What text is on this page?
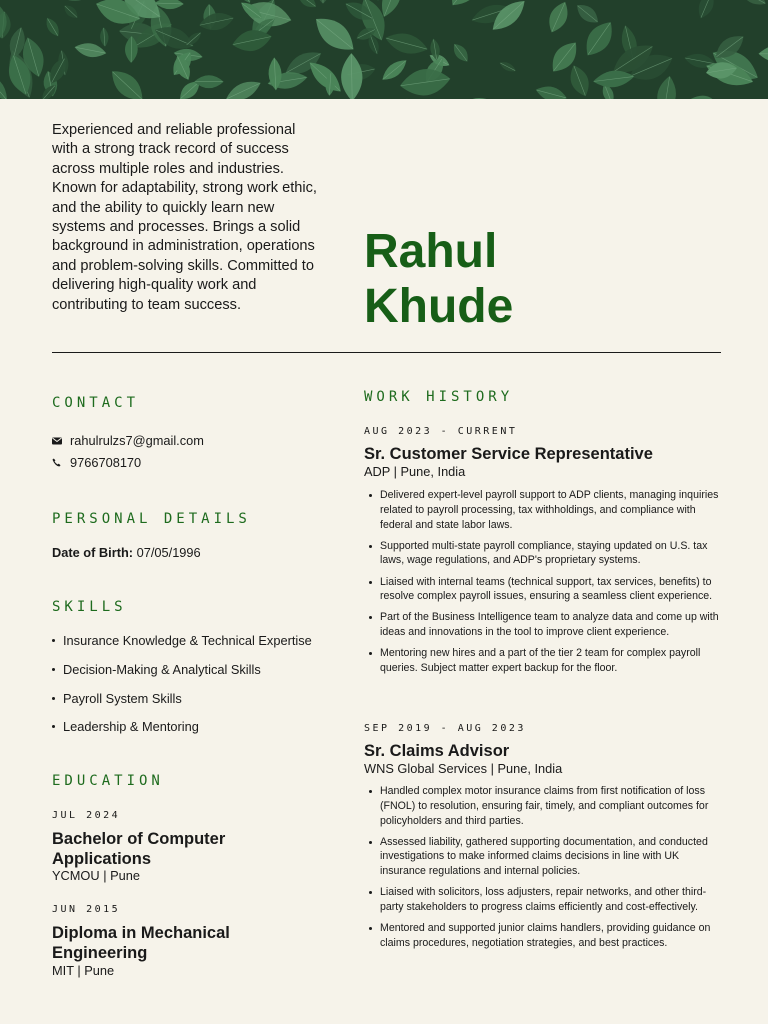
Experienced and reliable professional with a strong track record of success across multiple roles and industries. Known for adaptability, strong work ethic, and the ability to quickly learn new systems and processes. Brings a solid background in administration, operations and problem-solving skills. Committed to delivering high-quality work and contributing to team success.
Rahul
Khude
CONTACT
rahulrulzs7@gmail.com
9766708170
PERSONAL DETAILS
Date of Birth: 07/05/1996
SKILLS
Insurance Knowledge & Technical Expertise
Decision-Making & Analytical Skills
Payroll System Skills
Leadership & Mentoring
EDUCATION
JUL 2024
Bachelor of Computer Applications
YCMOU | Pune
JUN 2015
Diploma in Mechanical Engineering
MIT | Pune
WORK HISTORY
AUG 2023 - CURRENT
Sr. Customer Service Representative
ADP | Pune, India
Delivered expert-level payroll support to ADP clients, managing inquiries related to payroll processing, tax withholdings, and compliance with federal and state labor laws.
Supported multi-state payroll compliance, staying updated on U.S. tax laws, wage regulations, and ADP's proprietary systems.
Liaised with internal teams (technical support, tax services, benefits) to resolve complex payroll issues, ensuring a seamless client experience.
Part of the Business Intelligence team to analyze data and come up with ideas and innovations in the tool to improve client experience.
Mentoring new hires and a part of the tier 2 team for complex payroll queries. Subject matter expert backup for the floor.
SEP 2019 - AUG 2023
Sr. Claims Advisor
WNS Global Services | Pune, India
Handled complex motor insurance claims from first notification of loss (FNOL) to resolution, ensuring fair, timely, and compliant outcomes for policyholders and third parties.
Assessed liability, gathered supporting documentation, and conducted investigations to make informed claims decisions in line with UK insurance regulations and internal policies.
Liaised with solicitors, loss adjusters, repair networks, and other third-party stakeholders to progress claims efficiently and cost-effectively.
Mentored and supported junior claims handlers, providing guidance on claims procedures, negotiation strategies, and best practices.
